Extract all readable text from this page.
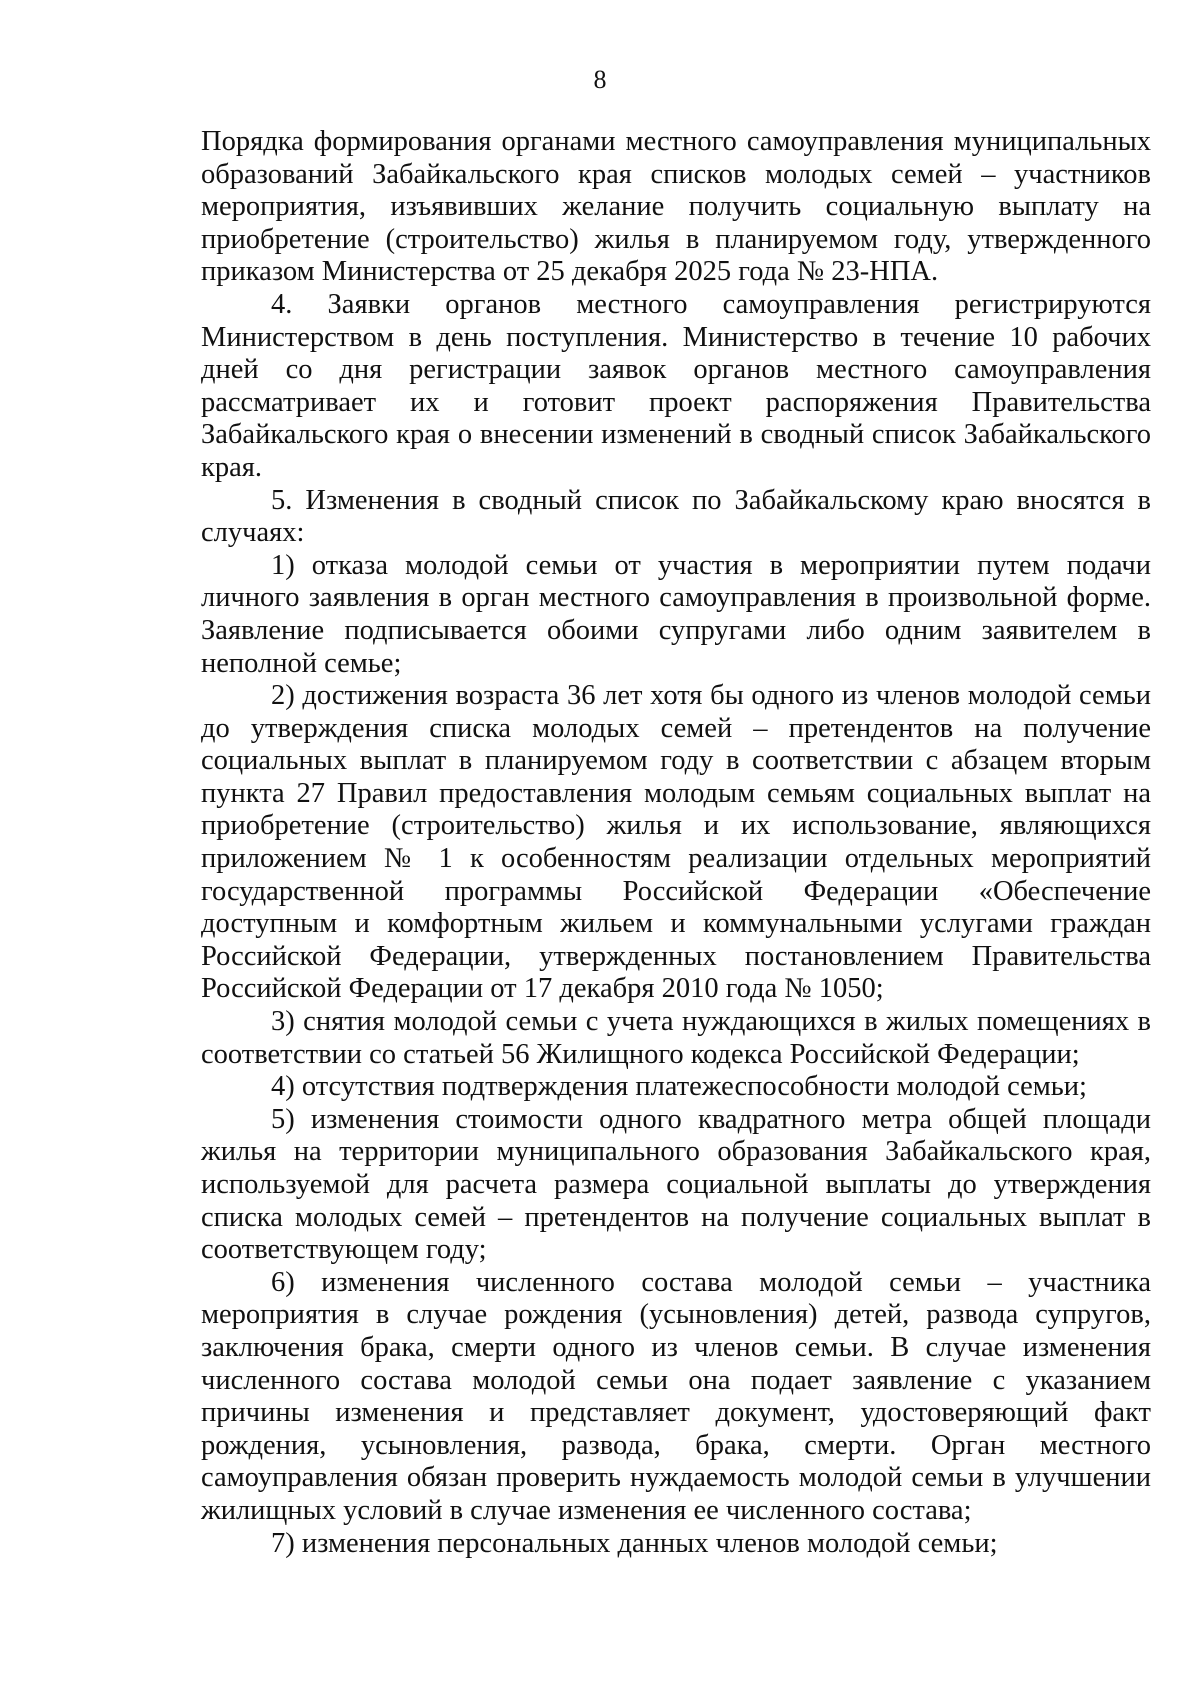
8

Порядка формирования органами местного самоуправления муниципальных образований Забайкальского края списков молодых семей – участников мероприятия, изъявивших желание получить социальную выплату на приобретение (строительство) жилья в планируемом году, утвержденного приказом Министерства от 25 декабря 2025 года № 23-НПА.

4. Заявки органов местного самоуправления регистрируются Министерством в день поступления. Министерство в течение 10 рабочих дней со дня регистрации заявок органов местного самоуправления рассматривает их и готовит проект распоряжения Правительства Забайкальского края о внесении изменений в сводный список Забайкальского края.

5. Изменения в сводный список по Забайкальскому краю вносятся в случаях:

1) отказа молодой семьи от участия в мероприятии путем подачи личного заявления в орган местного самоуправления в произвольной форме. Заявление подписывается обоими супругами либо одним заявителем в неполной семье;

2) достижения возраста 36 лет хотя бы одного из членов молодой семьи до утверждения списка молодых семей – претендентов на получение социальных выплат в планируемом году в соответствии с абзацем вторым пункта 27 Правил предоставления молодым семьям социальных выплат на приобретение (строительство) жилья и их использование, являющихся приложением № 1 к особенностям реализации отдельных мероприятий государственной программы Российской Федерации «Обеспечение доступным и комфортным жильем и коммунальными услугами граждан Российской Федерации, утвержденных постановлением Правительства Российской Федерации от 17 декабря 2010 года № 1050;

3) снятия молодой семьи с учета нуждающихся в жилых помещениях в соответствии со статьей 56 Жилищного кодекса Российской Федерации;

4) отсутствия подтверждения платежеспособности молодой семьи;

5) изменения стоимости одного квадратного метра общей площади жилья на территории муниципального образования Забайкальского края, используемой для расчета размера социальной выплаты до утверждения списка молодых семей – претендентов на получение социальных выплат в соответствующем году;

6) изменения численного состава молодой семьи – участника мероприятия в случае рождения (усыновления) детей, развода супругов, заключения брака, смерти одного из членов семьи. В случае изменения численного состава молодой семьи она подает заявление с указанием причины изменения и представляет документ, удостоверяющий факт рождения, усыновления, развода, брака, смерти. Орган местного самоуправления обязан проверить нуждаемость молодой семьи в улучшении жилищных условий в случае изменения ее численного состава;

7) изменения персональных данных членов молодой семьи;
